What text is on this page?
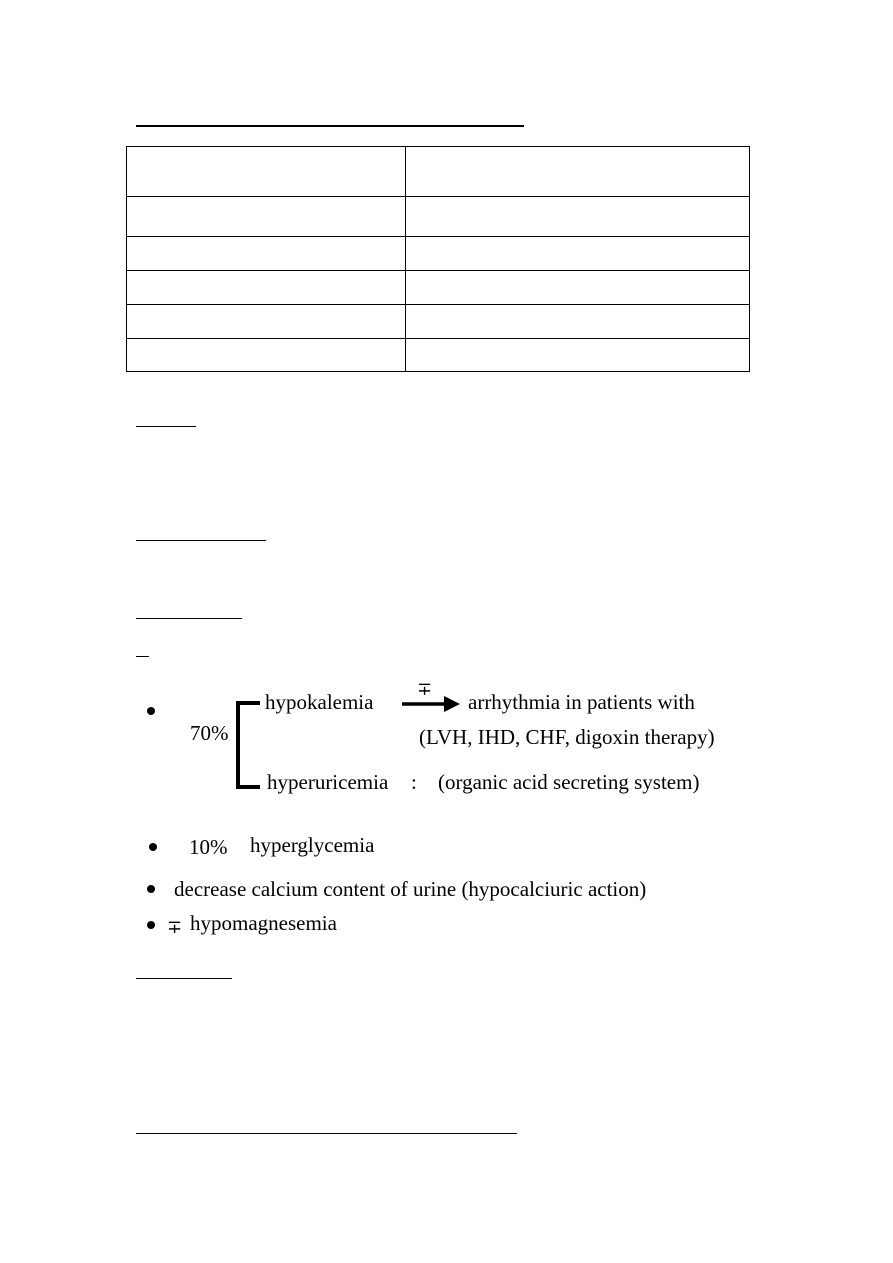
70%
hypokalemia
∓
arrhythmia in patients with
(LVH, IHD, CHF, digoxin therapy)
hyperuricemia : (organic acid secreting system)
10% hyperglycemia
decrease calcium content of urine (hypocalciuric action)
∓ hypomagnesemia
